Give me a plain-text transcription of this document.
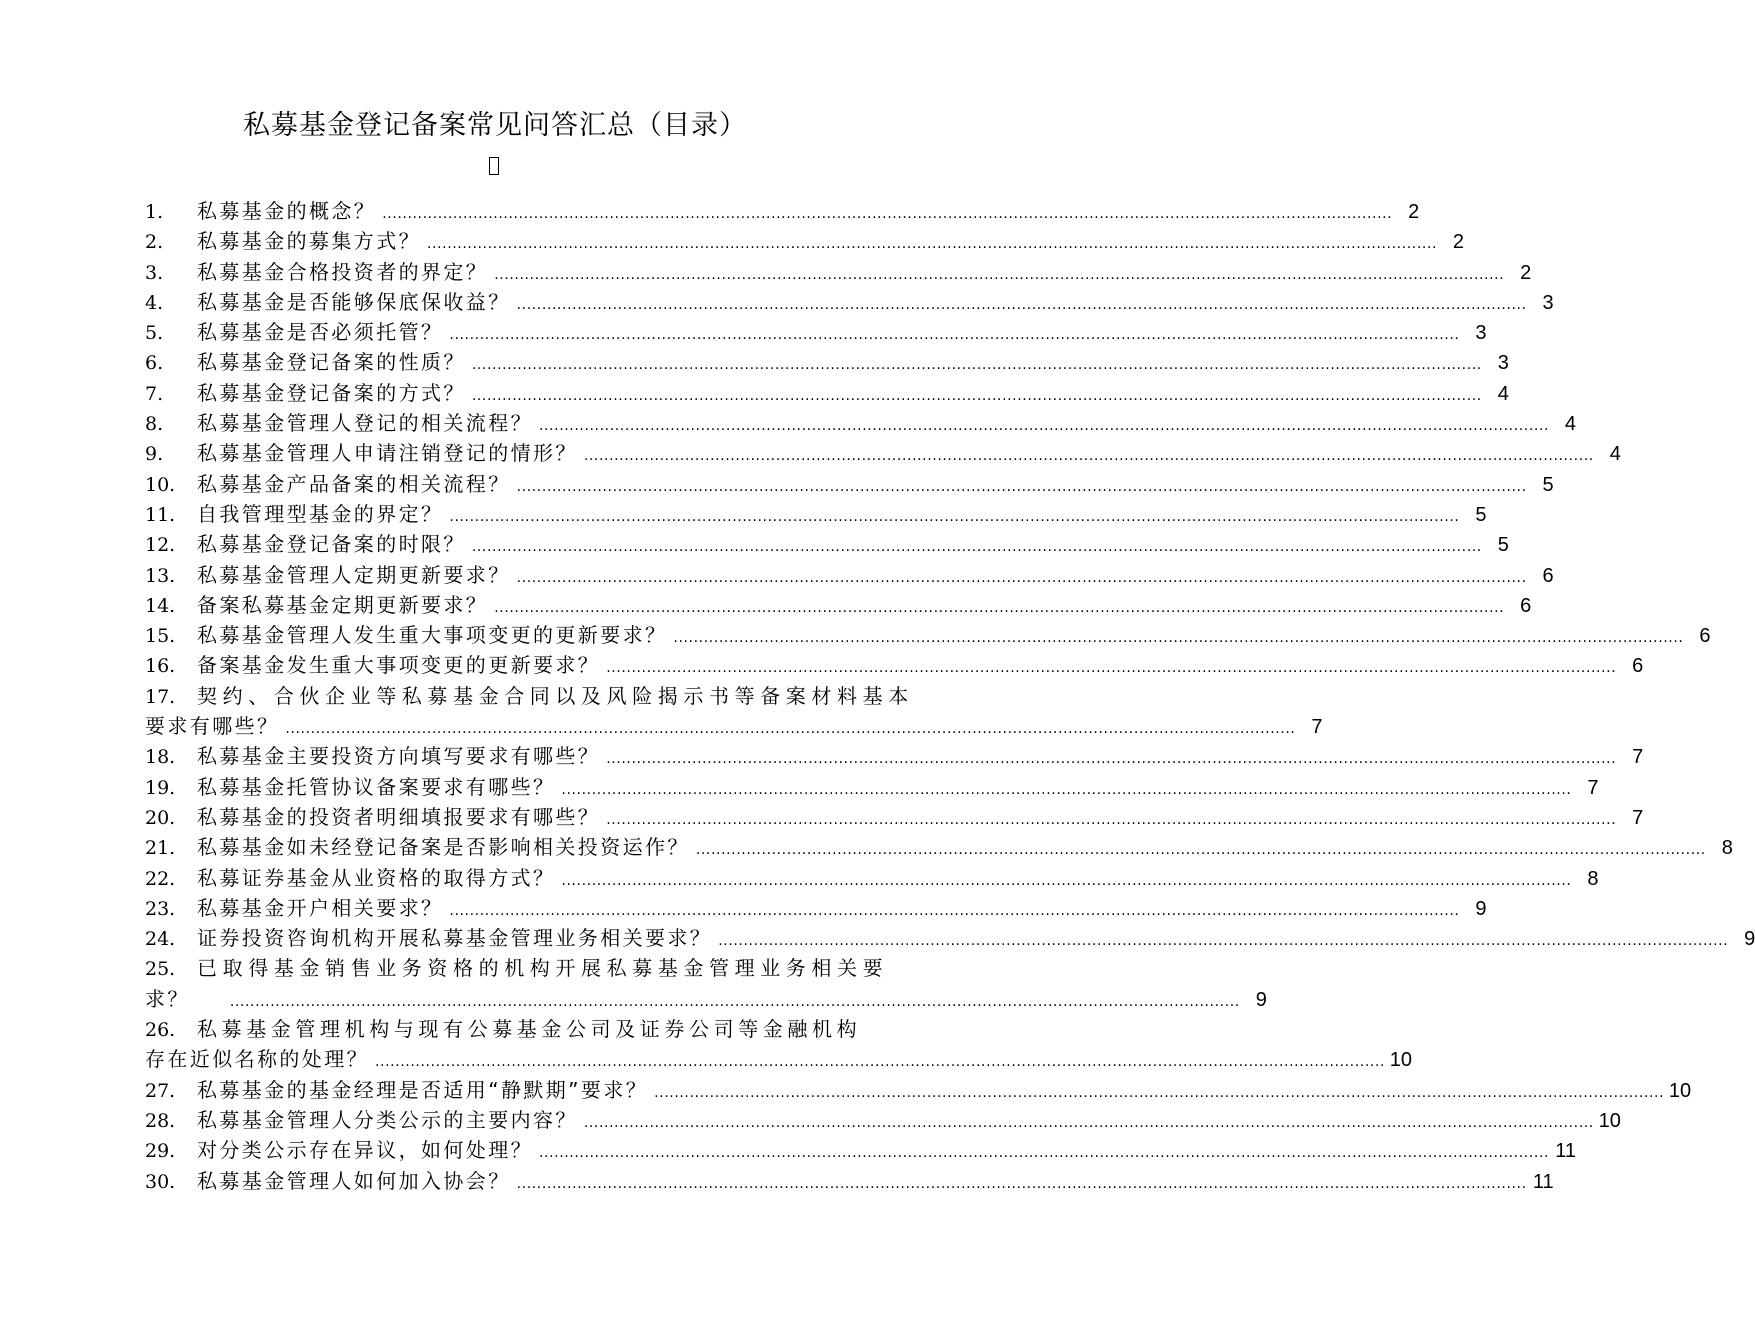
私募基金登记备案常见问答汇总（目录）
1.	私募基金的概念？ ........................................................................................................................................................................................................ 2
2.	私募基金的募集方式？ ........................................................................................................................................................................................................ 2
3.	私募基金合格投资者的界定？ ........................................................................................................................................................................................................ 2
4.	私募基金是否能够保底保收益？ ........................................................................................................................................................................................................ 3
5.	私募基金是否必须托管？ ........................................................................................................................................................................................................ 3
6.	私募基金登记备案的性质？ ........................................................................................................................................................................................................ 3
7.	私募基金登记备案的方式？ ........................................................................................................................................................................................................ 4
8.	私募基金管理人登记的相关流程？ ........................................................................................................................................................................................................ 4
9.	私募基金管理人申请注销登记的情形？ ........................................................................................................................................................................................................ 4
10.	私募基金产品备案的相关流程？ ........................................................................................................................................................................................................ 5
11.	自我管理型基金的界定？ ........................................................................................................................................................................................................ 5
12.	私募基金登记备案的时限？ ........................................................................................................................................................................................................ 5
13.	私募基金管理人定期更新要求？ ........................................................................................................................................................................................................ 6
14.	备案私募基金定期更新要求？ ........................................................................................................................................................................................................ 6
15.	私募基金管理人发生重大事项变更的更新要求？ ........................................................................................................................................................................................................ 6
16.	备案基金发生重大事项变更的更新要求？ ........................................................................................................................................................................................................ 6
17.	契约、合伙企业等私募基金合同以及风险揭示书等备案材料基本
要求有哪些？ ........................................................................................................................................................................................................ 7
18.	私募基金主要投资方向填写要求有哪些？ ........................................................................................................................................................................................................ 7
19.	私募基金托管协议备案要求有哪些？ ........................................................................................................................................................................................................ 7
20.	私募基金的投资者明细填报要求有哪些？ ........................................................................................................................................................................................................ 7
21.	私募基金如未经登记备案是否影响相关投资运作？ ........................................................................................................................................................................................................ 8
22.	私募证券基金从业资格的取得方式？ ........................................................................................................................................................................................................ 8
23.	私募基金开户相关要求？ ........................................................................................................................................................................................................ 9
24.	证券投资咨询机构开展私募基金管理业务相关要求？ ........................................................................................................................................................................................................ 9
25.	已取得基金销售业务资格的机构开展私募基金管理业务相关要
求？	........................................................................................................................................................................................................ 9
26.	私募基金管理机构与现有公募基金公司及证券公司等金融机构
存在近似名称的处理？ ........................................................................................................................................................................................................ 10
27.	私募基金的基金经理是否适用“静默期”要求？ ........................................................................................................................................................................................................ 10
28.	私募基金管理人分类公示的主要内容？ ........................................................................................................................................................................................................ 10
29.	对分类公示存在异议，如何处理？ ........................................................................................................................................................................................................ 11
30.	私募基金管理人如何加入协会？ ........................................................................................................................................................................................................ 11
